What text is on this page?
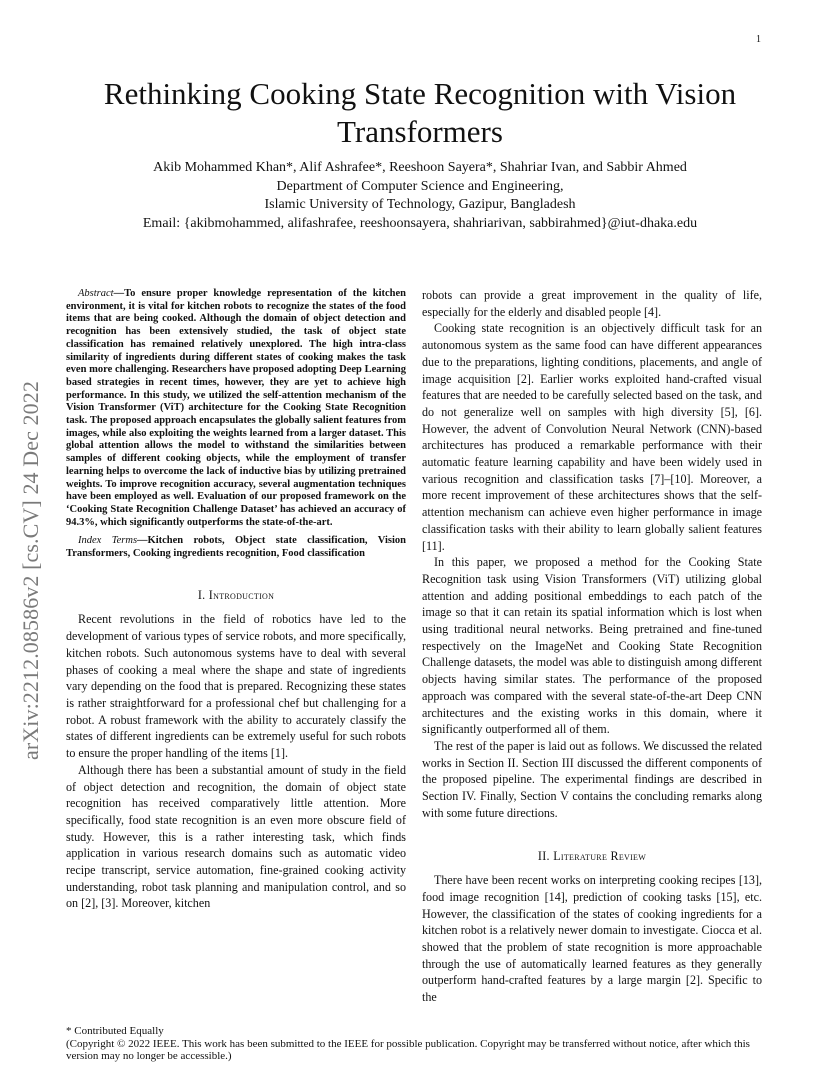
1
arXiv:2212.08586v2 [cs.CV] 24 Dec 2022
Rethinking Cooking State Recognition with Vision Transformers
Akib Mohammed Khan*, Alif Ashrafee*, Reeshoon Sayera*, Shahriar Ivan, and Sabbir Ahmed
Department of Computer Science and Engineering,
Islamic University of Technology, Gazipur, Bangladesh
Email: {akibmohammed, alifashrafee, reeshoonsayera, shahriarivan, sabbirahmed}@iut-dhaka.edu
Abstract—To ensure proper knowledge representation of the kitchen environment, it is vital for kitchen robots to recognize the states of the food items that are being cooked. Although the domain of object detection and recognition has been extensively studied, the task of object state classification has remained relatively unexplored. The high intra-class similarity of ingredients during different states of cooking makes the task even more challenging. Researchers have proposed adopting Deep Learning based strategies in recent times, however, they are yet to achieve high performance. In this study, we utilized the self-attention mechanism of the Vision Transformer (ViT) architecture for the Cooking State Recognition task. The proposed approach encapsulates the globally salient features from images, while also exploiting the weights learned from a larger dataset. This global attention allows the model to withstand the similarities between samples of different cooking objects, while the employment of transfer learning helps to overcome the lack of inductive bias by utilizing pretrained weights. To improve recognition accuracy, several augmentation techniques have been employed as well. Evaluation of our proposed framework on the ‘Cooking State Recognition Challenge Dataset’ has achieved an accuracy of 94.3%, which significantly outperforms the state-of-the-art.
Index Terms—Kitchen robots, Object state classification, Vision Transformers, Cooking ingredients recognition, Food classification
I. Introduction

Recent revolutions in the field of robotics have led to the development of various types of service robots, and more specifically, kitchen robots. Such autonomous systems have to deal with several phases of cooking a meal where the shape and state of ingredients vary depending on the food that is prepared. Recognizing these states is rather straightforward for a professional chef but challenging for a robot. A robust framework with the ability to accurately classify the states of different ingredients can be extremely useful for such robots to ensure the proper handling of the items [1].

Although there has been a substantial amount of study in the field of object detection and recognition, the domain of object state recognition has received comparatively little attention. More specifically, food state recognition is an even more obscure field of study. However, this is a rather interesting task, which finds application in various research domains such as automatic video recipe transcript, service automation, fine-grained cooking activity understanding, robot task planning and manipulation control, and so on [2], [3]. Moreover, kitchen

robots can provide a great improvement in the quality of life, especially for the elderly and disabled people [4].

Cooking state recognition is an objectively difficult task for an autonomous system as the same food can have different appearances due to the preparations, lighting conditions, placements, and angle of image acquisition [2]. Earlier works exploited hand-crafted visual features that are needed to be carefully selected based on the task, and do not generalize well on samples with high diversity [5], [6]. However, the advent of Convolution Neural Network (CNN)-based architectures has produced a remarkable performance with their automatic feature learning capability and have been widely used in various recognition and classification tasks [7]–[10]. Moreover, a more recent improvement of these architectures shows that the self-attention mechanism can achieve even higher performance in image classification tasks with their ability to learn globally salient features [11].

In this paper, we proposed a method for the Cooking State Recognition task using Vision Transformers (ViT) utilizing global attention and adding positional embeddings to each patch of the image so that it can retain its spatial information which is lost when using traditional neural networks. Being pretrained and fine-tuned respectively on the ImageNet and Cooking State Recognition Challenge datasets, the model was able to distinguish among different objects having similar states. The performance of the proposed approach was compared with the several state-of-the-art Deep CNN architectures and the existing works in this domain, where it significantly outperformed all of them.

The rest of the paper is laid out as follows. We discussed the related works in Section II. Section III discussed the different components of the proposed pipeline. The experimental findings are described in Section IV. Finally, Section V contains the concluding remarks along with some future directions.

II. Literature Review

There have been recent works on interpreting cooking recipes [13], food image recognition [14], prediction of cooking tasks [15], etc. However, the classification of the states of cooking ingredients for a kitchen robot is a relatively newer domain to investigate. Ciocca et al. showed that the problem of state recognition is more approachable through the use of automatically learned features as they generally outperform hand-crafted features by a large margin [2]. Specific to the

* Contributed Equally
(Copyright © 2022 IEEE. This work has been submitted to the IEEE for possible publication. Copyright may be transferred without notice, after which this version may no longer be accessible.)
